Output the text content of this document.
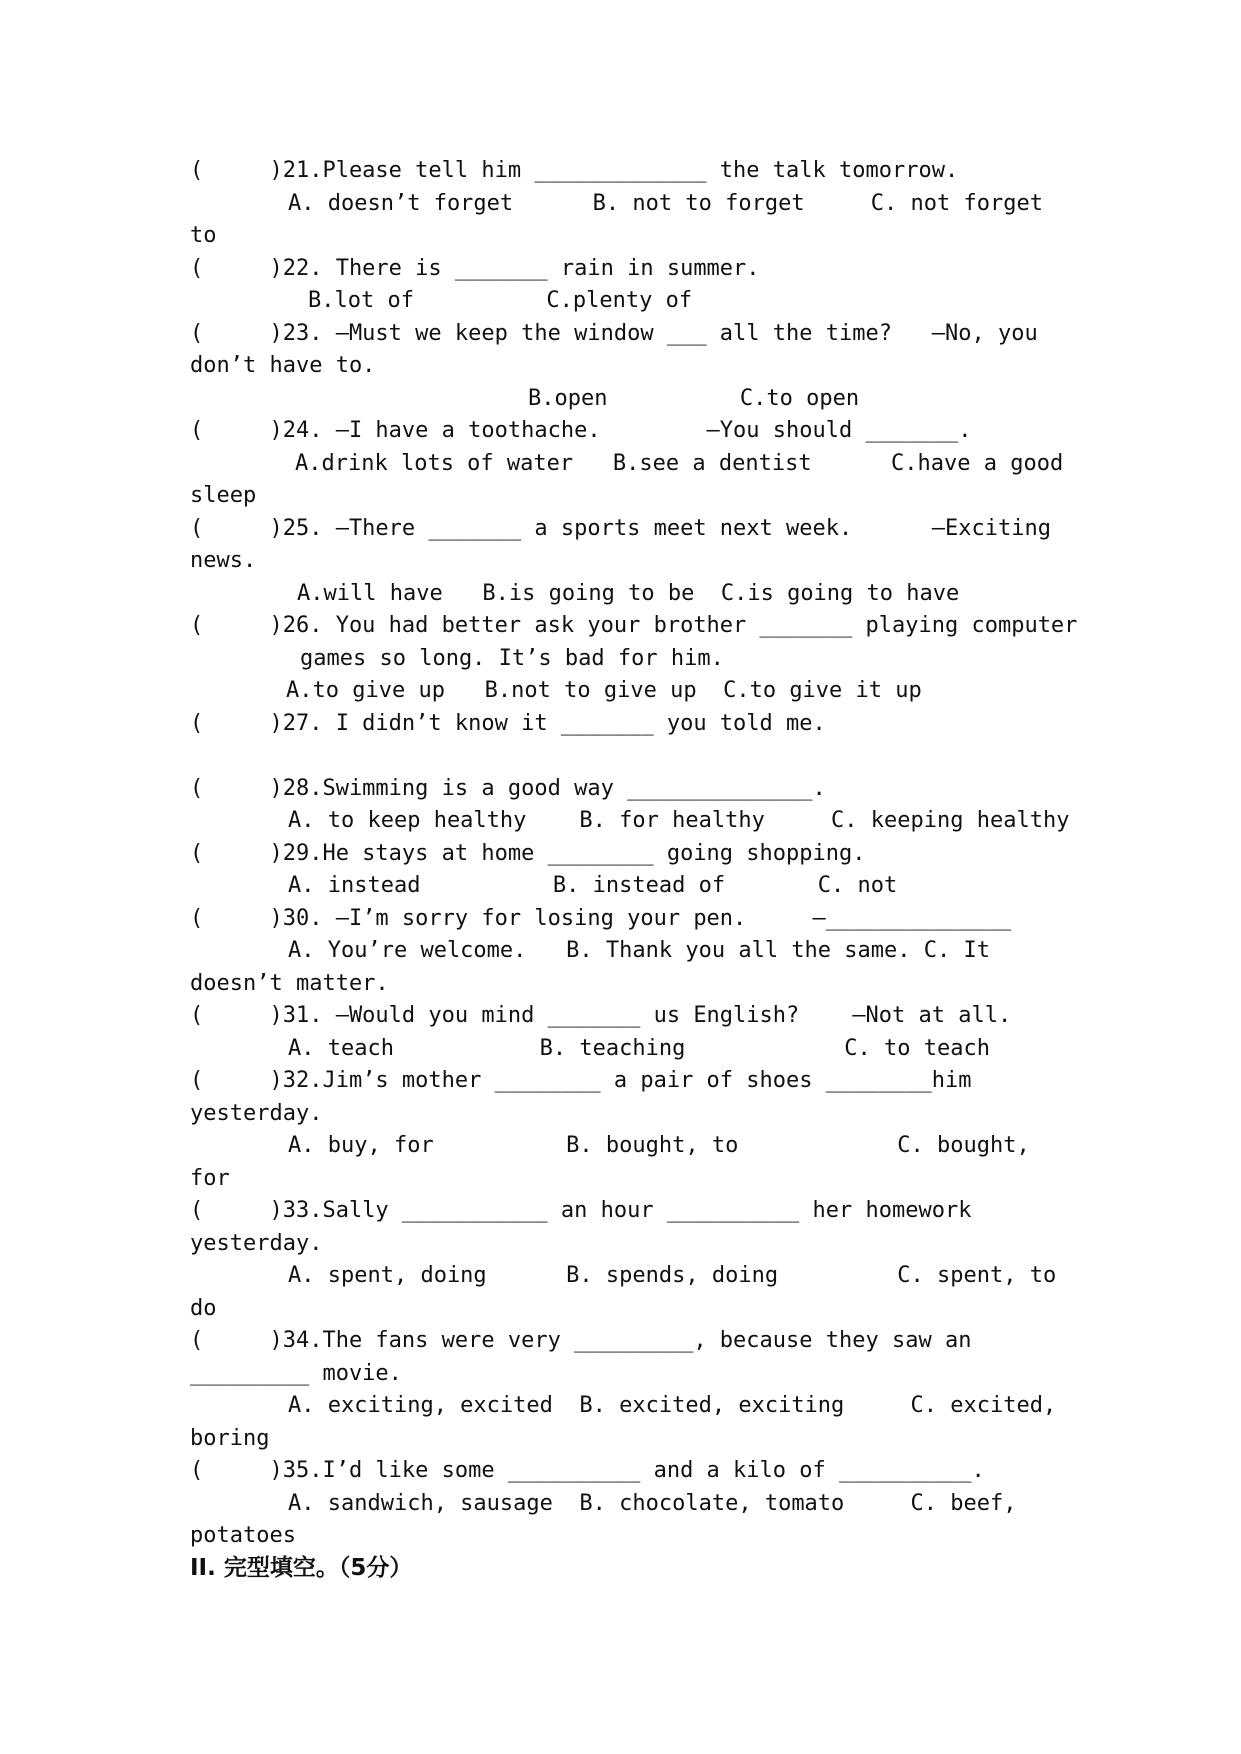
(     )21.Please tell him _____________ the talk tomorrow.
A. doesn’t forget      B. not to forget     C. not forget
to
(     )22. There is _______ rain in summer.
B.lot of          C.plenty of
(     )23. —Must we keep the window ___ all the time?   —No, you
don’t have to.
B.open          C.to open
(     )24. —I have a toothache.        —You should _______.
A.drink lots of water   B.see a dentist      C.have a good
sleep
(     )25. —There _______ a sports meet next week.      —Exciting
news.
A.will have   B.is going to be  C.is going to have
(     )26. You had better ask your brother _______ playing computer
games so long. It’s bad for him.
A.to give up   B.not to give up  C.to give it up
(     )27. I didn’t know it _______ you told me.
(     )28.Swimming is a good way ______________.
A. to keep healthy    B. for healthy     C. keeping healthy
(     )29.He stays at home ________ going shopping.
A. instead          B. instead of       C. not
(     )30. —I’m sorry for losing your pen.     —______________
A. You’re welcome.   B. Thank you all the same. C. It
doesn’t matter.
(     )31. —Would you mind _______ us English?    —Not at all.
A. teach           B. teaching            C. to teach
(     )32.Jim’s mother ________ a pair of shoes ________him
yesterday.
A. buy, for          B. bought, to            C. bought,
for
(     )33.Sally ___________ an hour __________ her homework
yesterday.
A. spent, doing      B. spends, doing         C. spent, to
do
(     )34.The fans were very _________, because they saw an
_________ movie.
A. exciting, excited  B. excited, exciting     C. excited,
boring
(     )35.I’d like some __________ and a kilo of __________.
A. sandwich, sausage  B. chocolate, tomato     C. beef,
potatoes
II. 完型填空。（5分）
